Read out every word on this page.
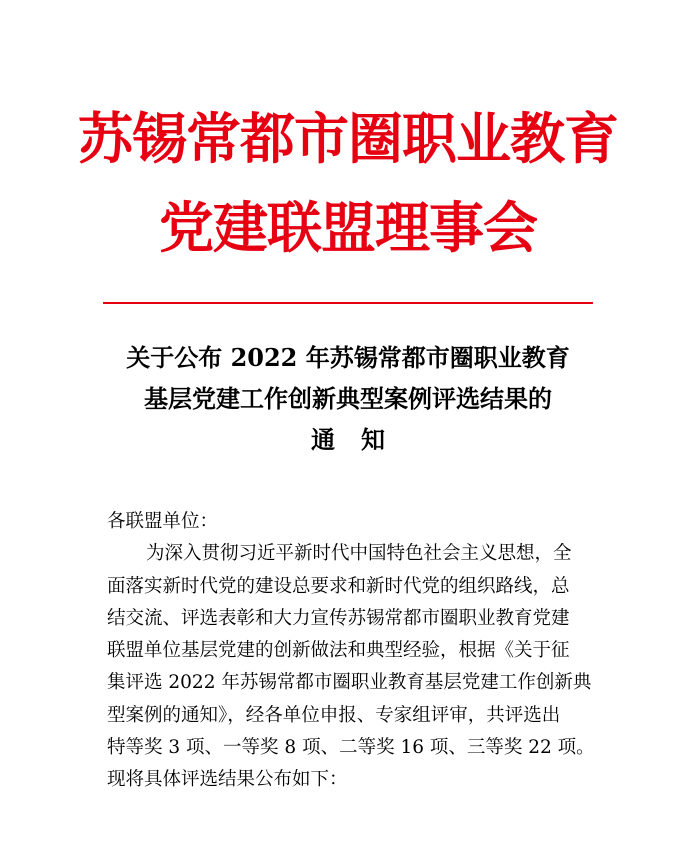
苏锡常都市圈职业教育
党建联盟理事会
关于公布 2022 年苏锡常都市圈职业教育
基层党建工作创新典型案例评选结果的
通知
各联盟单位：
为深入贯彻习近平新时代中国特色社会主义思想，全
面落实新时代党的建设总要求和新时代党的组织路线，总
结交流、评选表彰和大力宣传苏锡常都市圈职业教育党建
联盟单位基层党建的创新做法和典型经验，根据《关于征
集评选 2022 年苏锡常都市圈职业教育基层党建工作创新典
型案例的通知》，经各单位申报、专家组评审，共评选出
特等奖 3 项、一等奖 8 项、二等奖 16 项、三等奖 22 项。
现将具体评选结果公布如下：
